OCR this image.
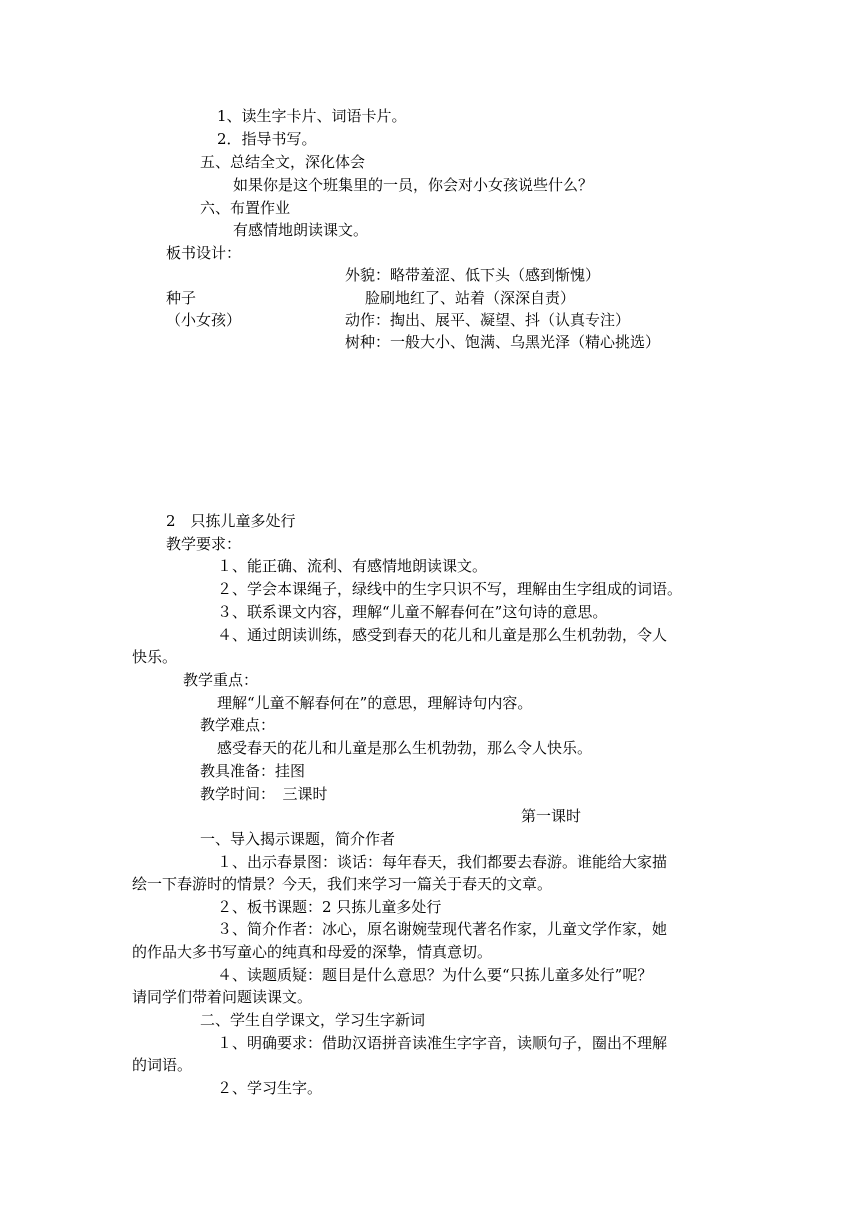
1、读生字卡片、词语卡片。
2．指导书写。
五、总结全文，深化体会
如果你是这个班集里的一员，你会对小女孩说些什么？
六、布置作业
有感情地朗读课文。
板书设计：
外貌：略带羞涩、低下头（感到惭愧）
种子	脸刷地红了、站着（深深自责）
（小女孩）	动作：掏出、展平、凝望、抖（认真专注）
树种：一般大小、饱满、乌黑光泽（精心挑选）
2　只拣儿童多处行
教学要求：
１、能正确、流利、有感情地朗读课文。
２、学会本课绳子，绿线中的生字只识不写，理解由生字组成的词语。
３、联系课文内容，理解“儿童不解春何在”这句诗的意思。
４、通过朗读训练，感受到春天的花儿和儿童是那么生机勃勃，令人
快乐。
教学重点：
理解“儿童不解春何在”的意思，理解诗句内容。
教学难点：
感受春天的花儿和儿童是那么生机勃勃，那么令人快乐。
教具准备：挂图
教学时间：　三课时
第一课时
一、导入揭示课题，简介作者
１、出示春景图：谈话：每年春天，我们都要去春游。谁能给大家描
绘一下春游时的情景？今天，我们来学习一篇关于春天的文章。
２、板书课题：2 只拣儿童多处行
３、简介作者：冰心，原名谢婉莹现代著名作家，儿童文学作家，她
的作品大多书写童心的纯真和母爱的深挚，情真意切。
４、读题质疑：题目是什么意思？为什么要“只拣儿童多处行”呢？
请同学们带着问题读课文。
二、学生自学课文，学习生字新词
１、明确要求：借助汉语拼音读准生字字音，读顺句子，圈出不理解
的词语。
２、学习生字。
